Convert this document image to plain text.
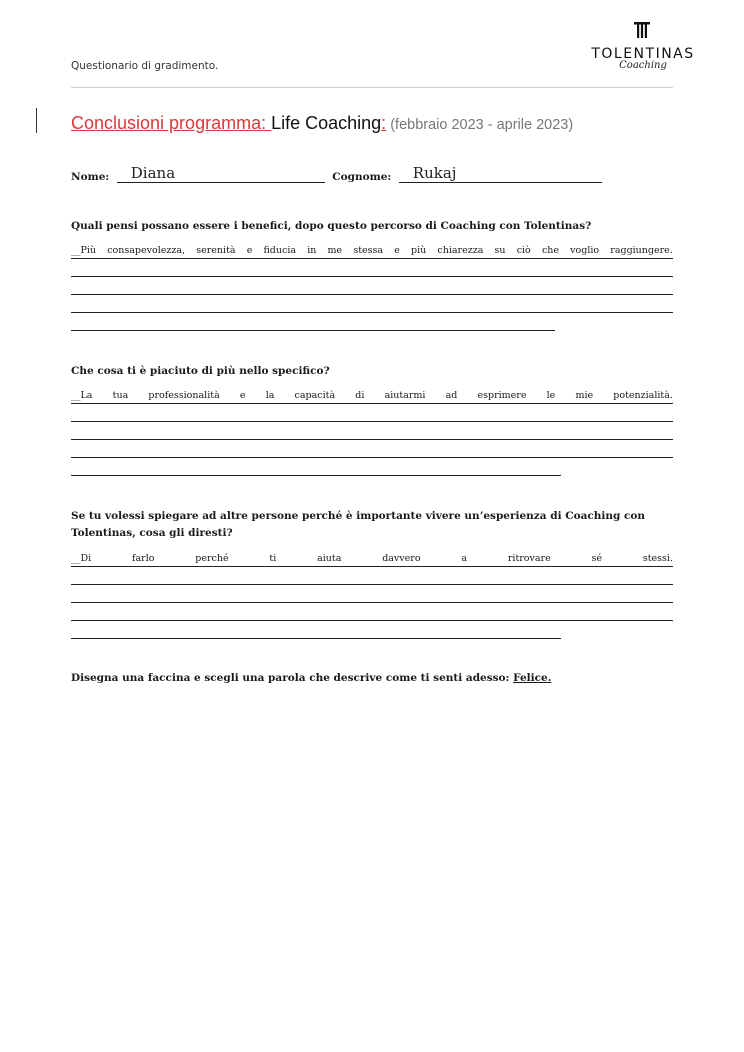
Questionario di gradimento.
TOLENTINAS
Coaching
Conclusioni programma: Life Coaching: (febbraio 2023 - aprile 2023)
Nome: Diana	Cognome: Rukaj
Quali pensi possano essere i benefici, dopo questo percorso di Coaching con Tolentinas?
__Più consapevolezza, serenità e fiducia in me stessa e più chiarezza su ciò che voglio raggiungere.
Che cosa ti è piaciuto di più nello specifico?
__La tua professionalità e la capacità di aiutarmi ad esprimere le mie potenzialità.
Se tu volessi spiegare ad altre persone perché è importante vivere un’esperienza di Coaching con Tolentinas, cosa gli diresti?
__Di	farlo	perché	ti	aiuta	davvero	a	ritrovare	sé	stessi.
Disegna una faccina e scegli una parola che descrive come ti senti adesso: Felice.
